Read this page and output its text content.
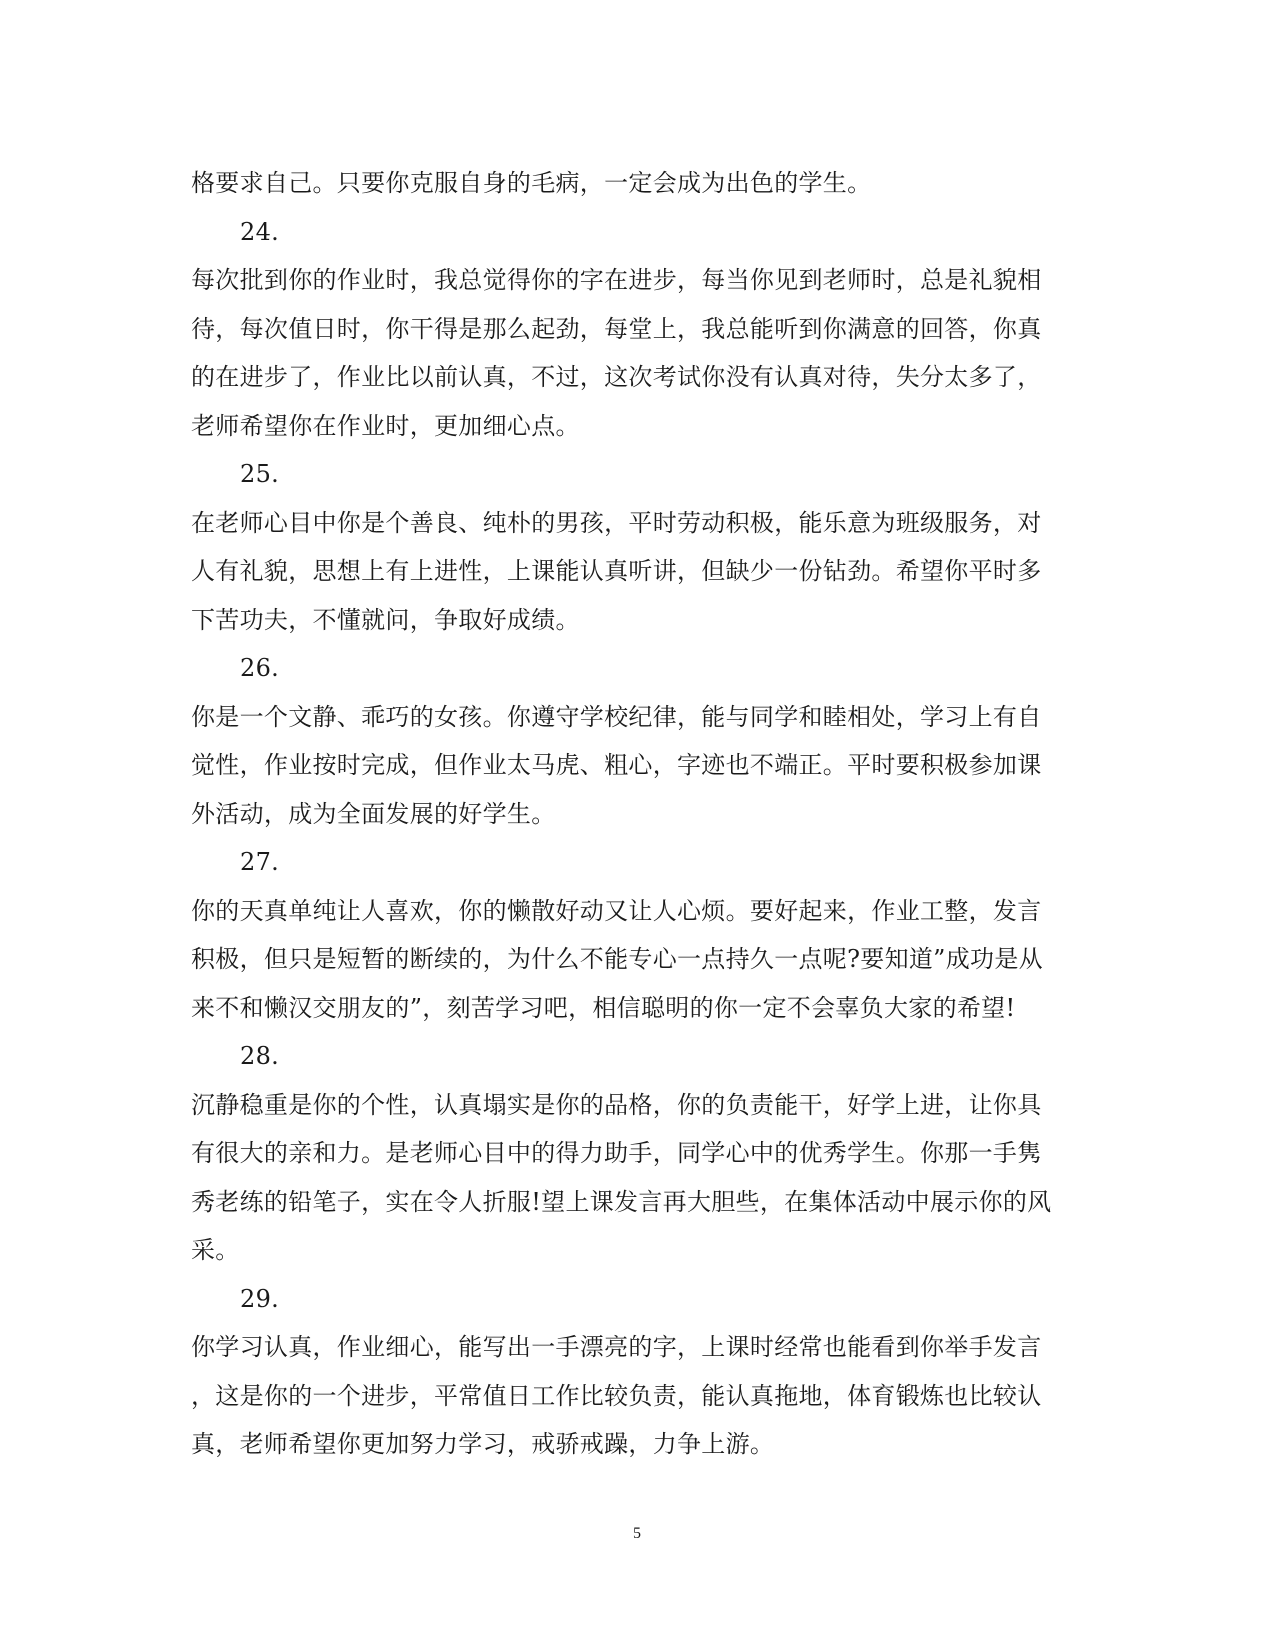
格要求自己。只要你克服自身的毛病，一定会成为出色的学生。
24.
每次批到你的作业时，我总觉得你的字在进步，每当你见到老师时，总是礼貌相
待，每次值日时，你干得是那么起劲，每堂上，我总能听到你满意的回答，你真
的在进步了，作业比以前认真，不过，这次考试你没有认真对待，失分太多了，
老师希望你在作业时，更加细心点。
25.
在老师心目中你是个善良、纯朴的男孩，平时劳动积极，能乐意为班级服务，对
人有礼貌，思想上有上进性，上课能认真听讲，但缺少一份钻劲。希望你平时多
下苦功夫，不懂就问，争取好成绩。
26.
你是一个文静、乖巧的女孩。你遵守学校纪律，能与同学和睦相处，学习上有自
觉性，作业按时完成，但作业太马虎、粗心，字迹也不端正。平时要积极参加课
外活动，成为全面发展的好学生。
27.
你的天真单纯让人喜欢，你的懒散好动又让人心烦。要好起来，作业工整，发言
积极，但只是短暂的断续的，为什么不能专心一点持久一点呢?要知道”成功是从
来不和懒汉交朋友的”，刻苦学习吧，相信聪明的你一定不会辜负大家的希望!
28.
沉静稳重是你的个性，认真塌实是你的品格，你的负责能干，好学上进，让你具
有很大的亲和力。是老师心目中的得力助手，同学心中的优秀学生。你那一手隽
秀老练的铅笔子，实在令人折服!望上课发言再大胆些，在集体活动中展示你的风
采。
29.
你学习认真，作业细心，能写出一手漂亮的字，上课时经常也能看到你举手发言
，这是你的一个进步，平常值日工作比较负责，能认真拖地，体育锻炼也比较认
真，老师希望你更加努力学习，戒骄戒躁，力争上游。
5
